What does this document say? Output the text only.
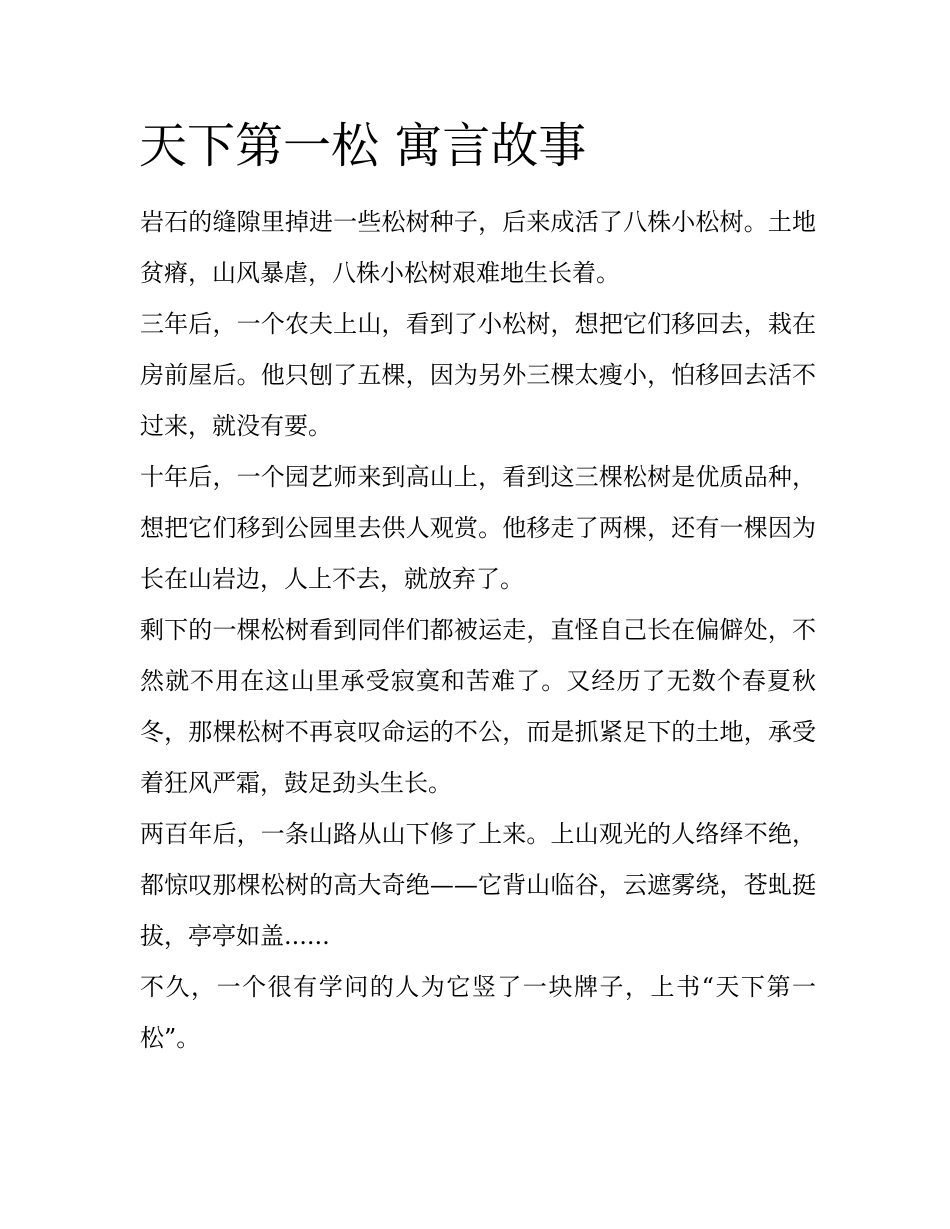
天下第一松 寓言故事

岩石的缝隙里掉进一些松树种子，后来成活了八株小松树。土地贫瘠，山风暴虐，八株小松树艰难地生长着。

三年后，一个农夫上山，看到了小松树，想把它们移回去，栽在房前屋后。他只刨了五棵，因为另外三棵太瘦小，怕移回去活不过来，就没有要。

十年后，一个园艺师来到高山上，看到这三棵松树是优质品种，想把它们移到公园里去供人观赏。他移走了两棵，还有一棵因为长在山岩边，人上不去，就放弃了。

剩下的一棵松树看到同伴们都被运走，直怪自己长在偏僻处，不然就不用在这山里承受寂寞和苦难了。又经历了无数个春夏秋冬，那棵松树不再哀叹命运的不公，而是抓紧足下的土地，承受着狂风严霜，鼓足劲头生长。

两百年后，一条山路从山下修了上来。上山观光的人络绎不绝，都惊叹那棵松树的高大奇绝——它背山临谷，云遮雾绕，苍虬挺拔，亭亭如盖......

不久，一个很有学问的人为它竖了一块牌子，上书“天下第一松”。
